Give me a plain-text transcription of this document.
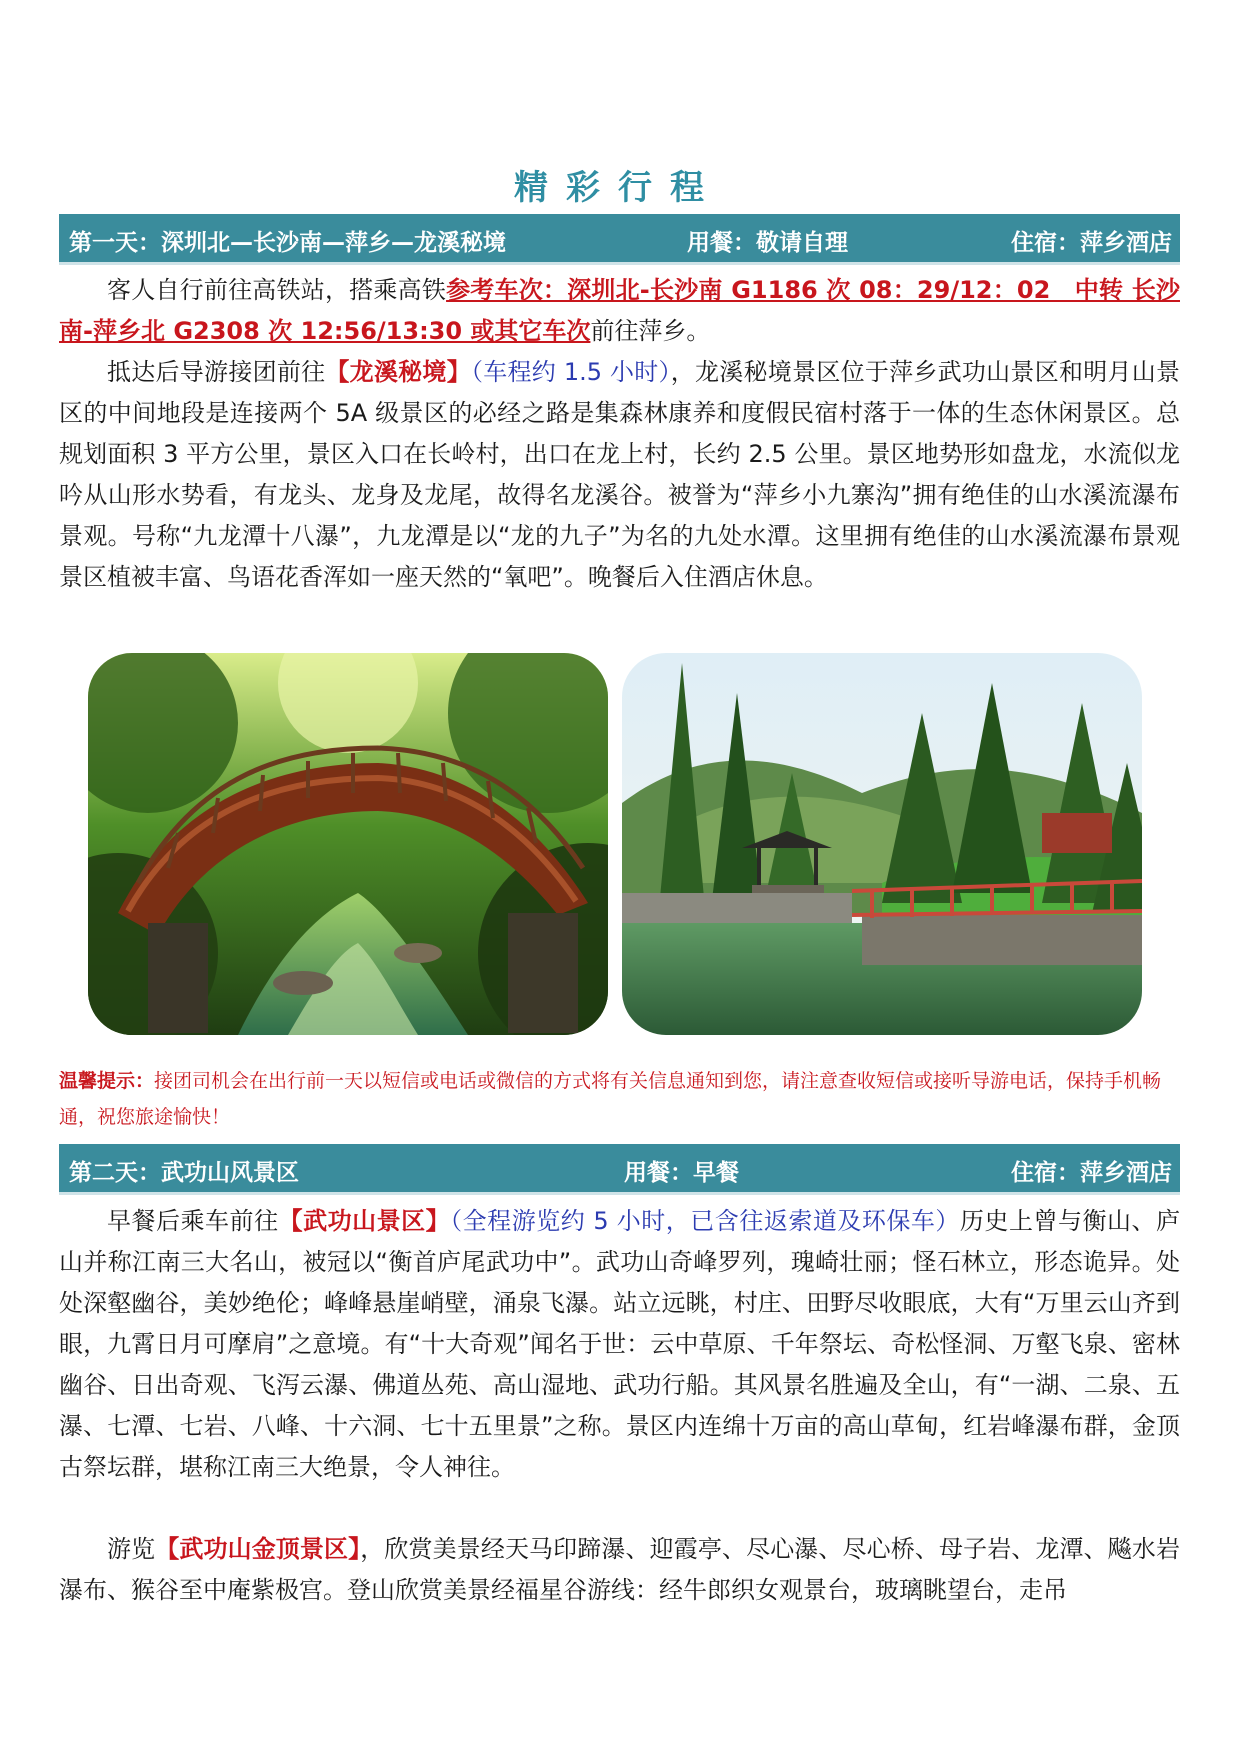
精彩行程
第一天：深圳北—长沙南—萍乡—龙溪秘境	用餐：敬请自理	住宿：萍乡酒店

客人自行前往高铁站，搭乘高铁参考车次：深圳北-长沙南 G1186 次 08：29/12：02　中转 长沙南-萍乡北 G2308 次 12:56/13:30 或其它车次前往萍乡。

抵达后导游接团前往【龙溪秘境】（车程约 1.5 小时），龙溪秘境景区位于萍乡武功山景区和明月山景区的中间地段是连接两个 5A 级景区的必经之路是集森林康养和度假民宿村落于一体的生态休闲景区。总规划面积 3 平方公里，景区入口在长岭村，出口在龙上村，长约 2.5 公里。景区地势形如盘龙，水流似龙吟从山形水势看，有龙头、龙身及龙尾，故得名龙溪谷。被誉为“萍乡小九寨沟”拥有绝佳的山水溪流瀑布景观。号称“九龙潭十八瀑”，九龙潭是以“龙的九子”为名的九处水潭。这里拥有绝佳的山水溪流瀑布景观景区植被丰富、鸟语花香浑如一座天然的“氧吧”。晚餐后入住酒店休息。

温馨提示：接团司机会在出行前一天以短信或电话或微信的方式将有关信息通知到您，请注意查收短信或接听导游电话，保持手机畅通，祝您旅途愉快！

第二天：武功山风景区	用餐：早餐	住宿：萍乡酒店

早餐后乘车前往【武功山景区】（全程游览约 5 小时，已含往返索道及环保车）历史上曾与衡山、庐山并称江南三大名山，被冠以“衡首庐尾武功中”。武功山奇峰罗列，瑰崎壮丽；怪石林立，形态诡异。处处深壑幽谷，美妙绝伦；峰峰悬崖峭壁，涌泉飞瀑。站立远眺，村庄、田野尽收眼底，大有“万里云山齐到眼，九霄日月可摩肩”之意境。有“十大奇观”闻名于世：云中草原、千年祭坛、奇松怪洞、万壑飞泉、密林幽谷、日出奇观、飞泻云瀑、佛道丛苑、高山湿地、武功行船。其风景名胜遍及全山，有“一湖、二泉、五瀑、七潭、七岩、八峰、十六洞、七十五里景”之称。景区内连绵十万亩的高山草甸，红岩峰瀑布群，金顶古祭坛群，堪称江南三大绝景，令人神往。

游览【武功山金顶景区】，欣赏美景经天马印蹄瀑、迎霞亭、尽心瀑、尽心桥、母子岩、龙潭、飚水岩瀑布、猴谷至中庵紫极宫。登山欣赏美景经福星谷游线：经牛郎织女观景台，玻璃眺望台，走吊
